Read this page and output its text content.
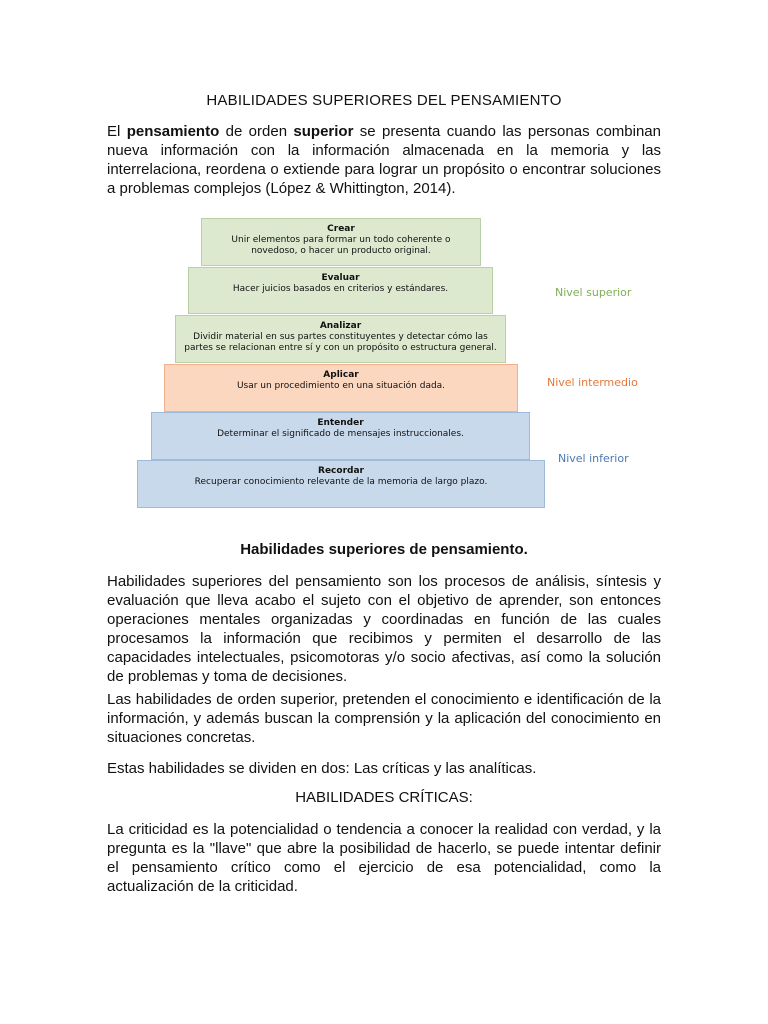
HABILIDADES SUPERIORES DEL PENSAMIENTO
El pensamiento de orden superior se presenta cuando las personas combinan nueva información con la información almacenada en la memoria y las interrelaciona, reordena o extiende para lograr un propósito o encontrar soluciones a problemas complejos (López & Whittington, 2014).
Crear
Unir elementos para formar un todo coherente o novedoso, o hacer un producto original.
Evaluar
Hacer juicios basados en criterios y estándares.
Analizar
Dividir material en sus partes constituyentes y detectar cómo las partes se relacionan entre sí y con un propósito o estructura general.
Aplicar
Usar un procedimiento en una situación dada.
Entender
Determinar el significado de mensajes instruccionales.
Recordar
Recuperar conocimiento relevante de la memoria de largo plazo.
Nivel superior
Nivel intermedio
Nivel inferior
Habilidades superiores de pensamiento.
Habilidades superiores del pensamiento son los procesos de análisis, síntesis y evaluación que lleva acabo el sujeto con el objetivo de aprender, son entonces operaciones mentales organizadas y coordinadas en función de las cuales procesamos la información que recibimos y permiten el desarrollo de las capacidades intelectuales, psicomotoras y/o socio afectivas, así como la solución de problemas y toma de decisiones.
Las habilidades de orden superior, pretenden el conocimiento e identificación de la información, y además buscan la comprensión y la aplicación del conocimiento en situaciones concretas.
Estas habilidades se dividen en dos: Las críticas y las analíticas.
HABILIDADES CRÍTICAS:
La criticidad es la potencialidad o tendencia a conocer la realidad con verdad, y la pregunta es la "llave" que abre la posibilidad de hacerlo, se puede intentar definir el pensamiento crítico como el ejercicio de esa potencialidad, como la actualización de la criticidad.
